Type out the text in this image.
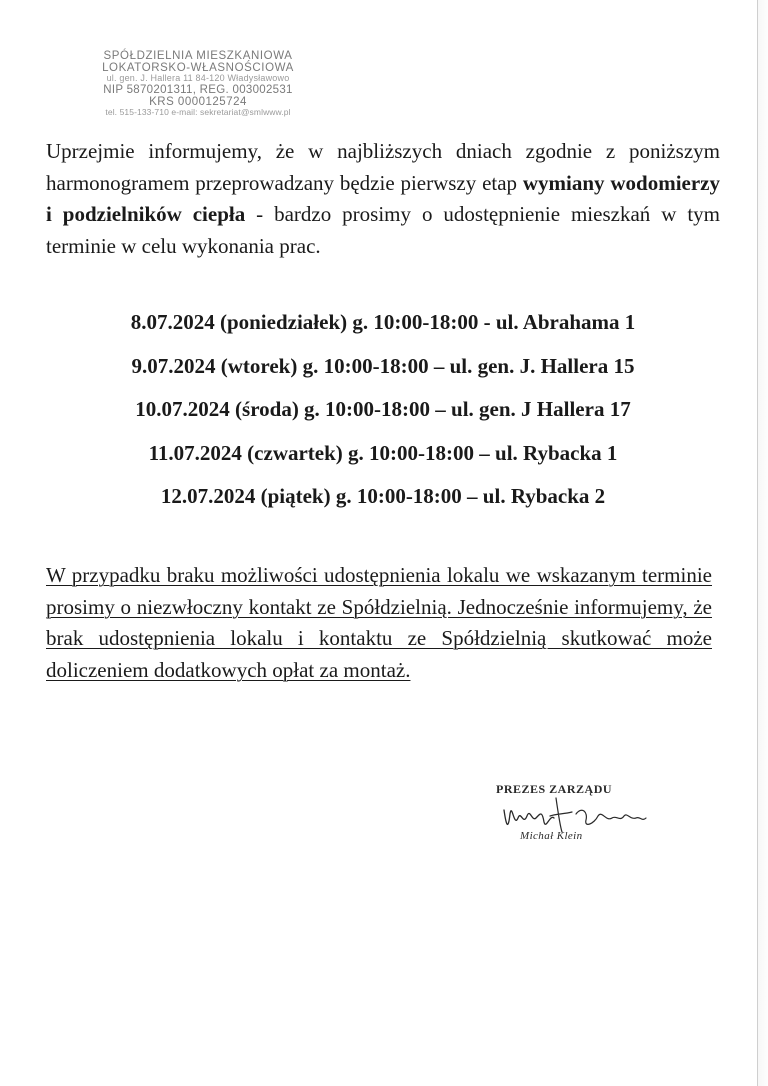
SPÓŁDZIELNIA MIESZKANIOWA
LOKATORSKO-WŁASNOŚCIOWA
ul. gen. J. Hallera 11 84-120 Władysławowo
NIP 5870201311, REG. 003002531
KRS 0000125724
tel. 515-133-710 e-mail: sekretariat@smlwww.pl
Uprzejmie informujemy, że w najbliższych dniach zgodnie z poniższym harmonogramem przeprowadzany będzie pierwszy etap wymiany wodomierzy i podzielników ciepła - bardzo prosimy o udostępnienie mieszkań w tym terminie w celu wykonania prac.
8.07.2024 (poniedziałek) g. 10:00-18:00 - ul. Abrahama 1
9.07.2024 (wtorek) g. 10:00-18:00 – ul. gen. J. Hallera 15
10.07.2024 (środa) g. 10:00-18:00 – ul. gen. J Hallera 17
11.07.2024 (czwartek) g. 10:00-18:00 – ul. Rybacka 1
12.07.2024 (piątek) g. 10:00-18:00 – ul. Rybacka 2
W przypadku braku możliwości udostępnienia lokalu we wskazanym terminie prosimy o niezwłoczny kontakt ze Spółdzielnią. Jednocześnie informujemy, że brak udostępnienia lokalu i kontaktu ze Spółdzielnią skutkować może doliczeniem dodatkowych opłat za montaż.
PREZES ZARZĄDU
Michał Klein
